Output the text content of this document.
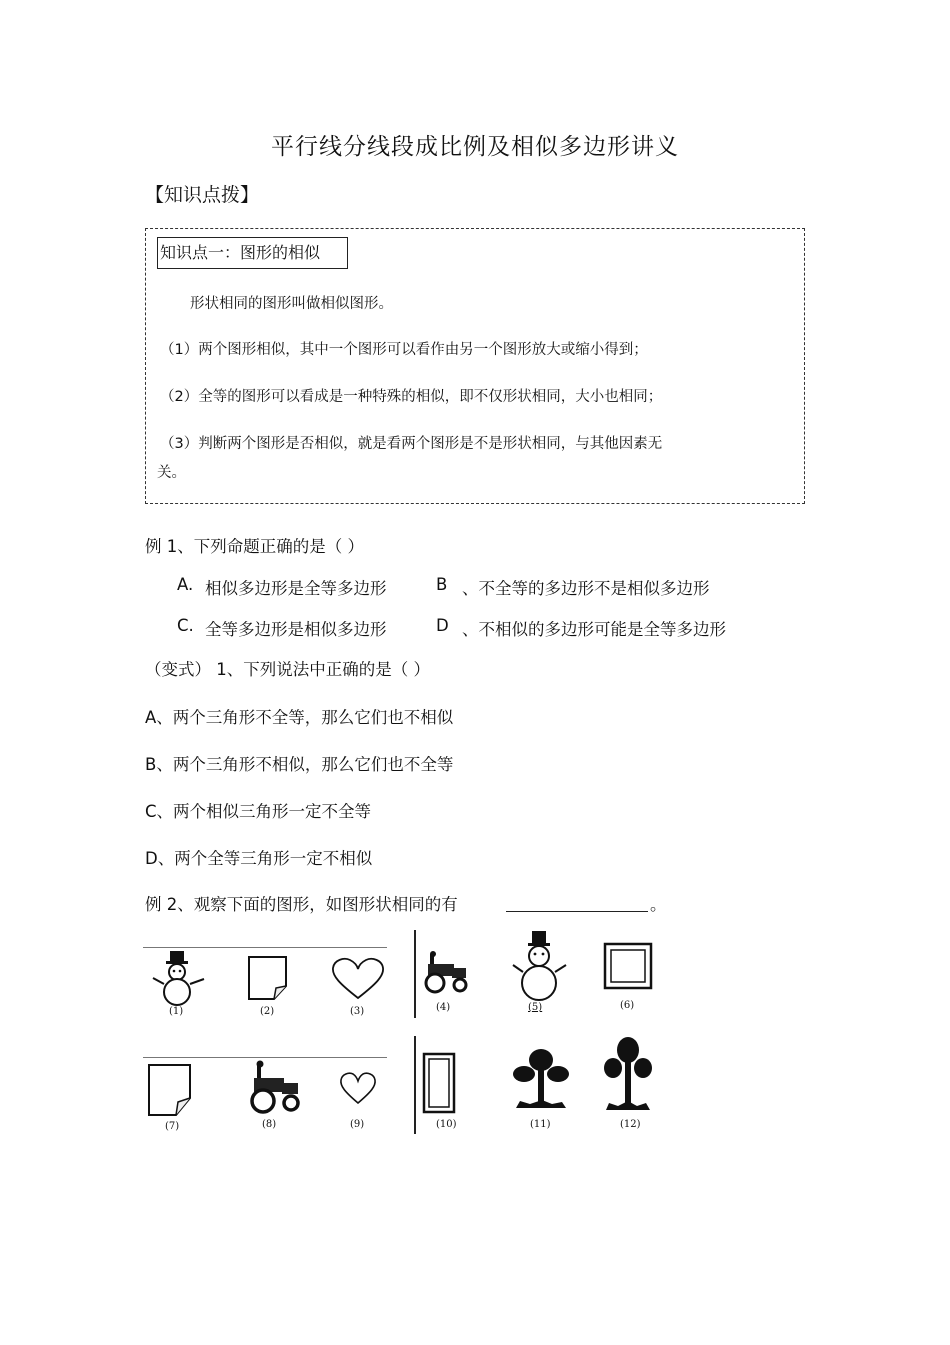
平行线分线段成比例及相似多边形讲义
【知识点拨】
知识点一：图形的相似
形状相同的图形叫做相似图形。
（1）两个图形相似，其中一个图形可以看作由另一个图形放大或缩小得到；
（2）全等的图形可以看成是一种特殊的相似，即不仅形状相同，大小也相同；
（3）判断两个图形是否相似，就是看两个图形是不是形状相同，与其他因素无
关。
例 1、下列命题正确的是（ ）
A. 相似多边形是全等多边形	B 、不全等的多边形不是相似多边形
C. 全等多边形是相似多边形	D 、不相似的多边形可能是全等多边形
（变式） 1、下列说法中正确的是（ ）
A、两个三角形不全等，那么它们也不相似
B、两个三角形不相似，那么它们也不全等
C、两个相似三角形一定不全等
D、两个全等三角形一定不相似
例 2、观察下面的图形，如图形状相同的有	。
(1)	(2)	(3)	(4)	(5)	(6)
(7)	(8)	(9)	(10)	(11)	(12)
